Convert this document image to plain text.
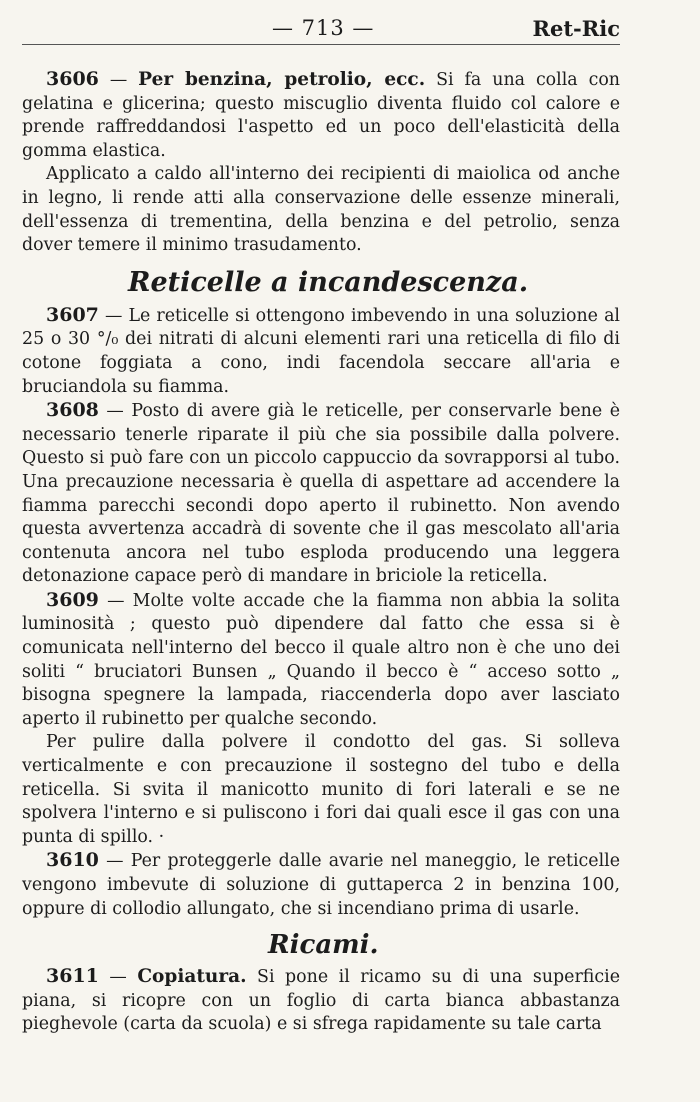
— 713 —	Ret-Ric

3606 — Per benzina, petrolio, ecc. Si fa una colla con gelatina e glicerina; questo miscuglio diventa fluido col calore e prende raffreddandosi l'aspetto ed un poco dell'elasticità della gomma elastica.

Applicato a caldo all'interno dei recipienti di maiolica od anche in legno, li rende atti alla conservazione delle essenze minerali, dell'essenza di trementina, della benzina e del petrolio, senza dover temere il minimo trasudamento.

Reticelle a incandescenza.

3607 — Le reticelle si ottengono imbevendo in una soluzione al 25 o 30 °/₀ dei nitrati di alcuni elementi rari una reticella di filo di cotone foggiata a cono, indi facendola seccare all'aria e bruciandola su fiamma.

3608 — Posto di avere già le reticelle, per conservarle bene è necessario tenerle riparate il più che sia possibile dalla polvere. Questo si può fare con un piccolo cappuccio da sovrapporsi al tubo. Una precauzione necessaria è quella di aspettare ad accendere la fiamma parecchi secondi dopo aperto il rubinetto. Non avendo questa avvertenza accadrà di sovente che il gas mescolato all'aria contenuta ancora nel tubo esploda producendo una leggera detonazione capace però di mandare in briciole la reticella.

3609 — Molte volte accade che la fiamma non abbia la solita luminosità ; questo può dipendere dal fatto che essa si è comunicata nell'interno del becco il quale altro non è che uno dei soliti “ bruciatori Bunsen „ Quando il becco è “ acceso sotto „ bisogna spegnere la lampada, riaccenderla dopo aver lasciato aperto il rubinetto per qualche secondo.

Per pulire dalla polvere il condotto del gas. Si solleva verticalmente e con precauzione il sostegno del tubo e della reticella. Si svita il manicotto munito di fori laterali e se ne spolvera l'interno e si puliscono i fori dai quali esce il gas con una punta di spillo. ·

3610 — Per proteggerle dalle avarie nel maneggio, le reticelle vengono imbevute di soluzione di guttaperca 2 in benzina 100, oppure di collodio allungato, che si incendiano prima di usarle.

Ricami.

3611 — Copiatura. Si pone il ricamo su di una superficie piana, si ricopre con un foglio di carta bianca abbastanza pieghevole (carta da scuola) e si sfrega rapidamente su tale carta
